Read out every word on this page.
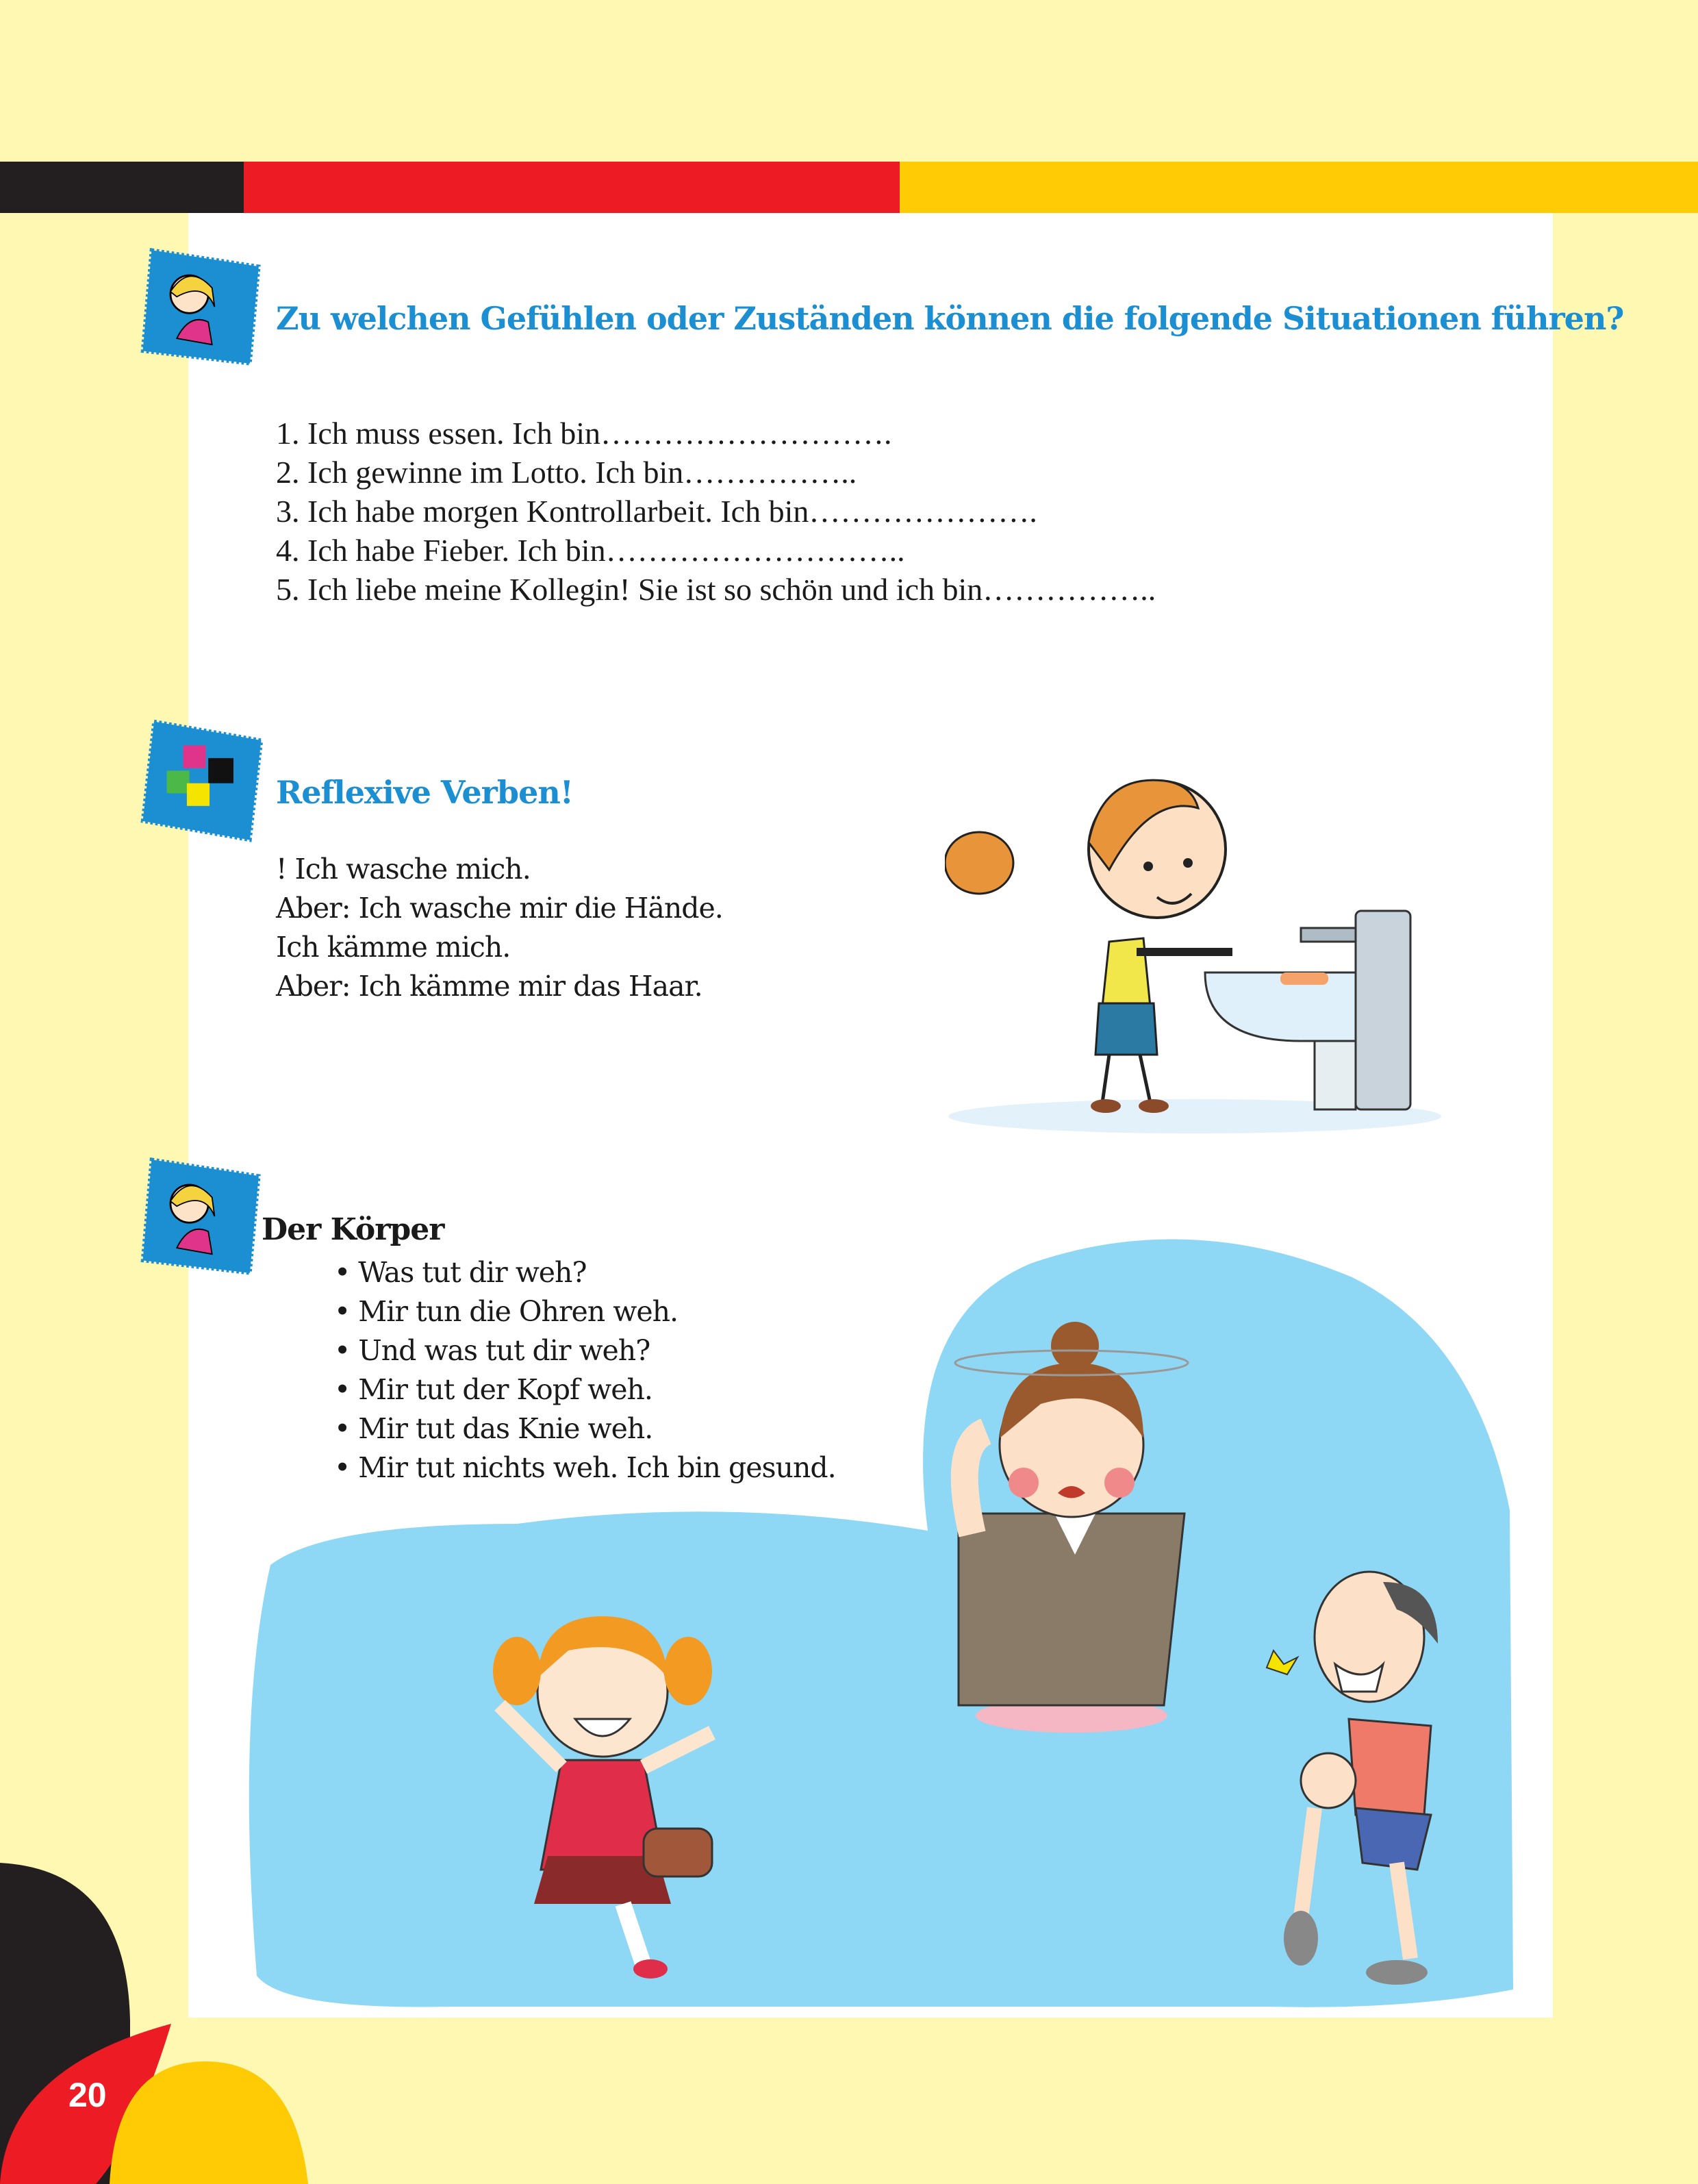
Zu welchen Gefühlen oder Zuständen können die folgende Situationen führen?
1. Ich muss essen. Ich bin……………………….
2. Ich gewinne im Lotto. Ich bin……………..
3. Ich habe morgen Kontrollarbeit. Ich bin………………….
4. Ich habe Fieber. Ich bin………………………..
5. Ich liebe meine Kollegin! Sie ist so schön und ich bin……………..
Reflexive Verben!
! Ich wasche mich.
Aber: Ich wasche mir die Hände.
Ich kämme mich.
Aber: Ich kämme mir das Haar.
Der Körper
• Was tut dir weh?
• Mir tun die Ohren weh.
• Und was tut dir weh?
• Mir tut der Kopf weh.
• Mir tut das Knie weh.
• Mir tut nichts weh. Ich bin gesund.
20
